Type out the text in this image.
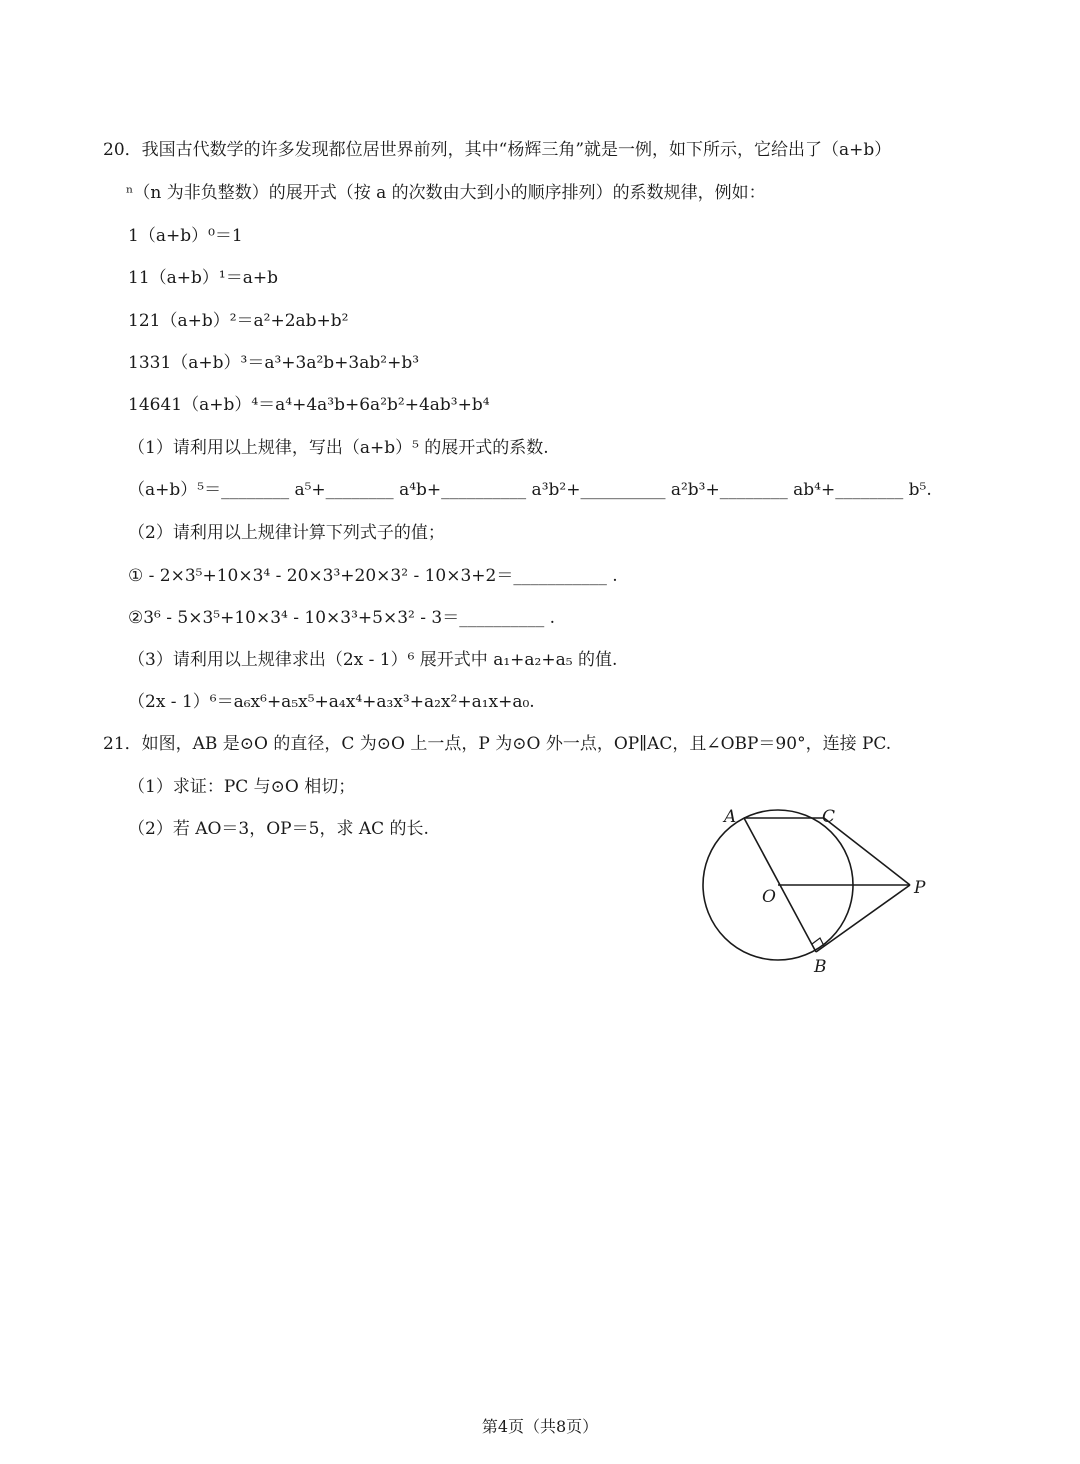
20．我国古代数学的许多发现都位居世界前列，其中“杨辉三角”就是一例，如下所示，它给出了（a+b）
ⁿ（n 为非负整数）的展开式（按 a 的次数由大到小的顺序排列）的系数规律，例如：
1（a+b）⁰＝1
11（a+b）¹＝a+b
121（a+b）²＝a²+2ab+b²
1331（a+b）³＝a³+3a²b+3ab²+b³
14641（a+b）⁴＝a⁴+4a³b+6a²b²+4ab³+b⁴
（1）请利用以上规律，写出（a+b）⁵ 的展开式的系数.
（a+b）⁵＝________ a⁵+________ a⁴b+__________ a³b²+__________ a²b³+________ ab⁴+________ b⁵.
（2）请利用以上规律计算下列式子的值；
① - 2×3⁵+10×3⁴ - 20×3³+20×3² - 10×3+2＝___________ .
②3⁶ - 5×3⁵+10×3⁴ - 10×3³+5×3² - 3＝__________ .
（3）请利用以上规律求出（2x - 1）⁶ 展开式中 a₁+a₂+a₅ 的值.
（2x - 1）⁶＝a₆x⁶+a₅x⁵+a₄x⁴+a₃x³+a₂x²+a₁x+a₀.
21．如图，AB 是⊙O 的直径，C 为⊙O 上一点，P 为⊙O 外一点，OP∥AC，且∠OBP＝90°，连接 PC.
（1）求证：PC 与⊙O 相切；
（2）若 AO＝3，OP＝5，求 AC 的长.
A	C
O	P
B
第4页（共8页）
